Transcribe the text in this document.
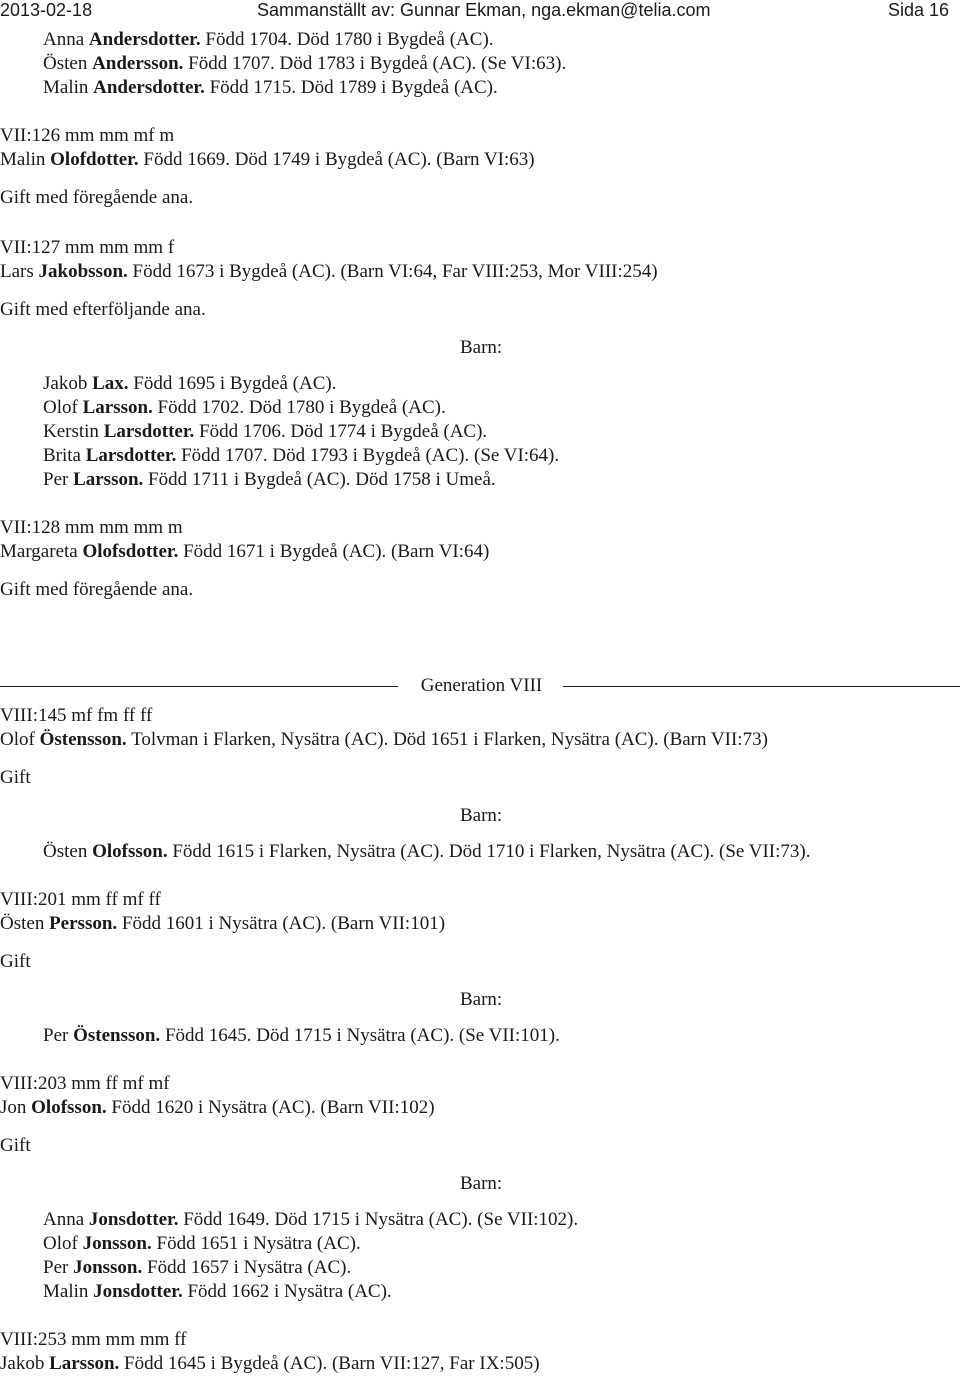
2013-02-18	Sammanställt av: Gunnar Ekman, nga.ekman@telia.com	Sida 16
Anna Andersdotter. Född 1704. Död 1780 i Bygdeå (AC).
Östen Andersson. Född 1707. Död 1783 i Bygdeå (AC). (Se VI:63).
Malin Andersdotter. Född 1715. Död 1789 i Bygdeå (AC).
VII:126 mm mm mf m
Malin Olofdotter. Född 1669. Död 1749 i Bygdeå (AC). (Barn VI:63)
Gift med föregående ana.
VII:127 mm mm mm f
Lars Jakobsson. Född 1673 i Bygdeå (AC). (Barn VI:64, Far VIII:253, Mor VIII:254)
Gift med efterföljande ana.
Barn:
Jakob Lax. Född 1695 i Bygdeå (AC).
Olof Larsson. Född 1702. Död 1780 i Bygdeå (AC).
Kerstin Larsdotter. Född 1706. Död 1774 i Bygdeå (AC).
Brita Larsdotter. Född 1707. Död 1793 i Bygdeå (AC). (Se VI:64).
Per Larsson. Född 1711 i Bygdeå (AC). Död 1758 i Umeå.
VII:128 mm mm mm m
Margareta Olofsdotter. Född 1671 i Bygdeå (AC). (Barn VI:64)
Gift med föregående ana.
Generation VIII
VIII:145 mf fm ff ff
Olof Östensson. Tolvman i Flarken, Nysätra (AC). Död 1651 i Flarken, Nysätra (AC). (Barn VII:73)
Gift
Barn:
Östen Olofsson. Född 1615 i Flarken, Nysätra (AC). Död 1710 i Flarken, Nysätra (AC). (Se VII:73).
VIII:201 mm ff mf ff
Östen Persson. Född 1601 i Nysätra (AC). (Barn VII:101)
Gift
Barn:
Per Östensson. Född 1645. Död 1715 i Nysätra (AC). (Se VII:101).
VIII:203 mm ff mf mf
Jon Olofsson. Född 1620 i Nysätra (AC). (Barn VII:102)
Gift
Barn:
Anna Jonsdotter. Född 1649. Död 1715 i Nysätra (AC). (Se VII:102).
Olof Jonsson. Född 1651 i Nysätra (AC).
Per Jonsson. Född 1657 i Nysätra (AC).
Malin Jonsdotter. Född 1662 i Nysätra (AC).
VIII:253 mm mm mm ff
Jakob Larsson. Född 1645 i Bygdeå (AC). (Barn VII:127, Far IX:505)
